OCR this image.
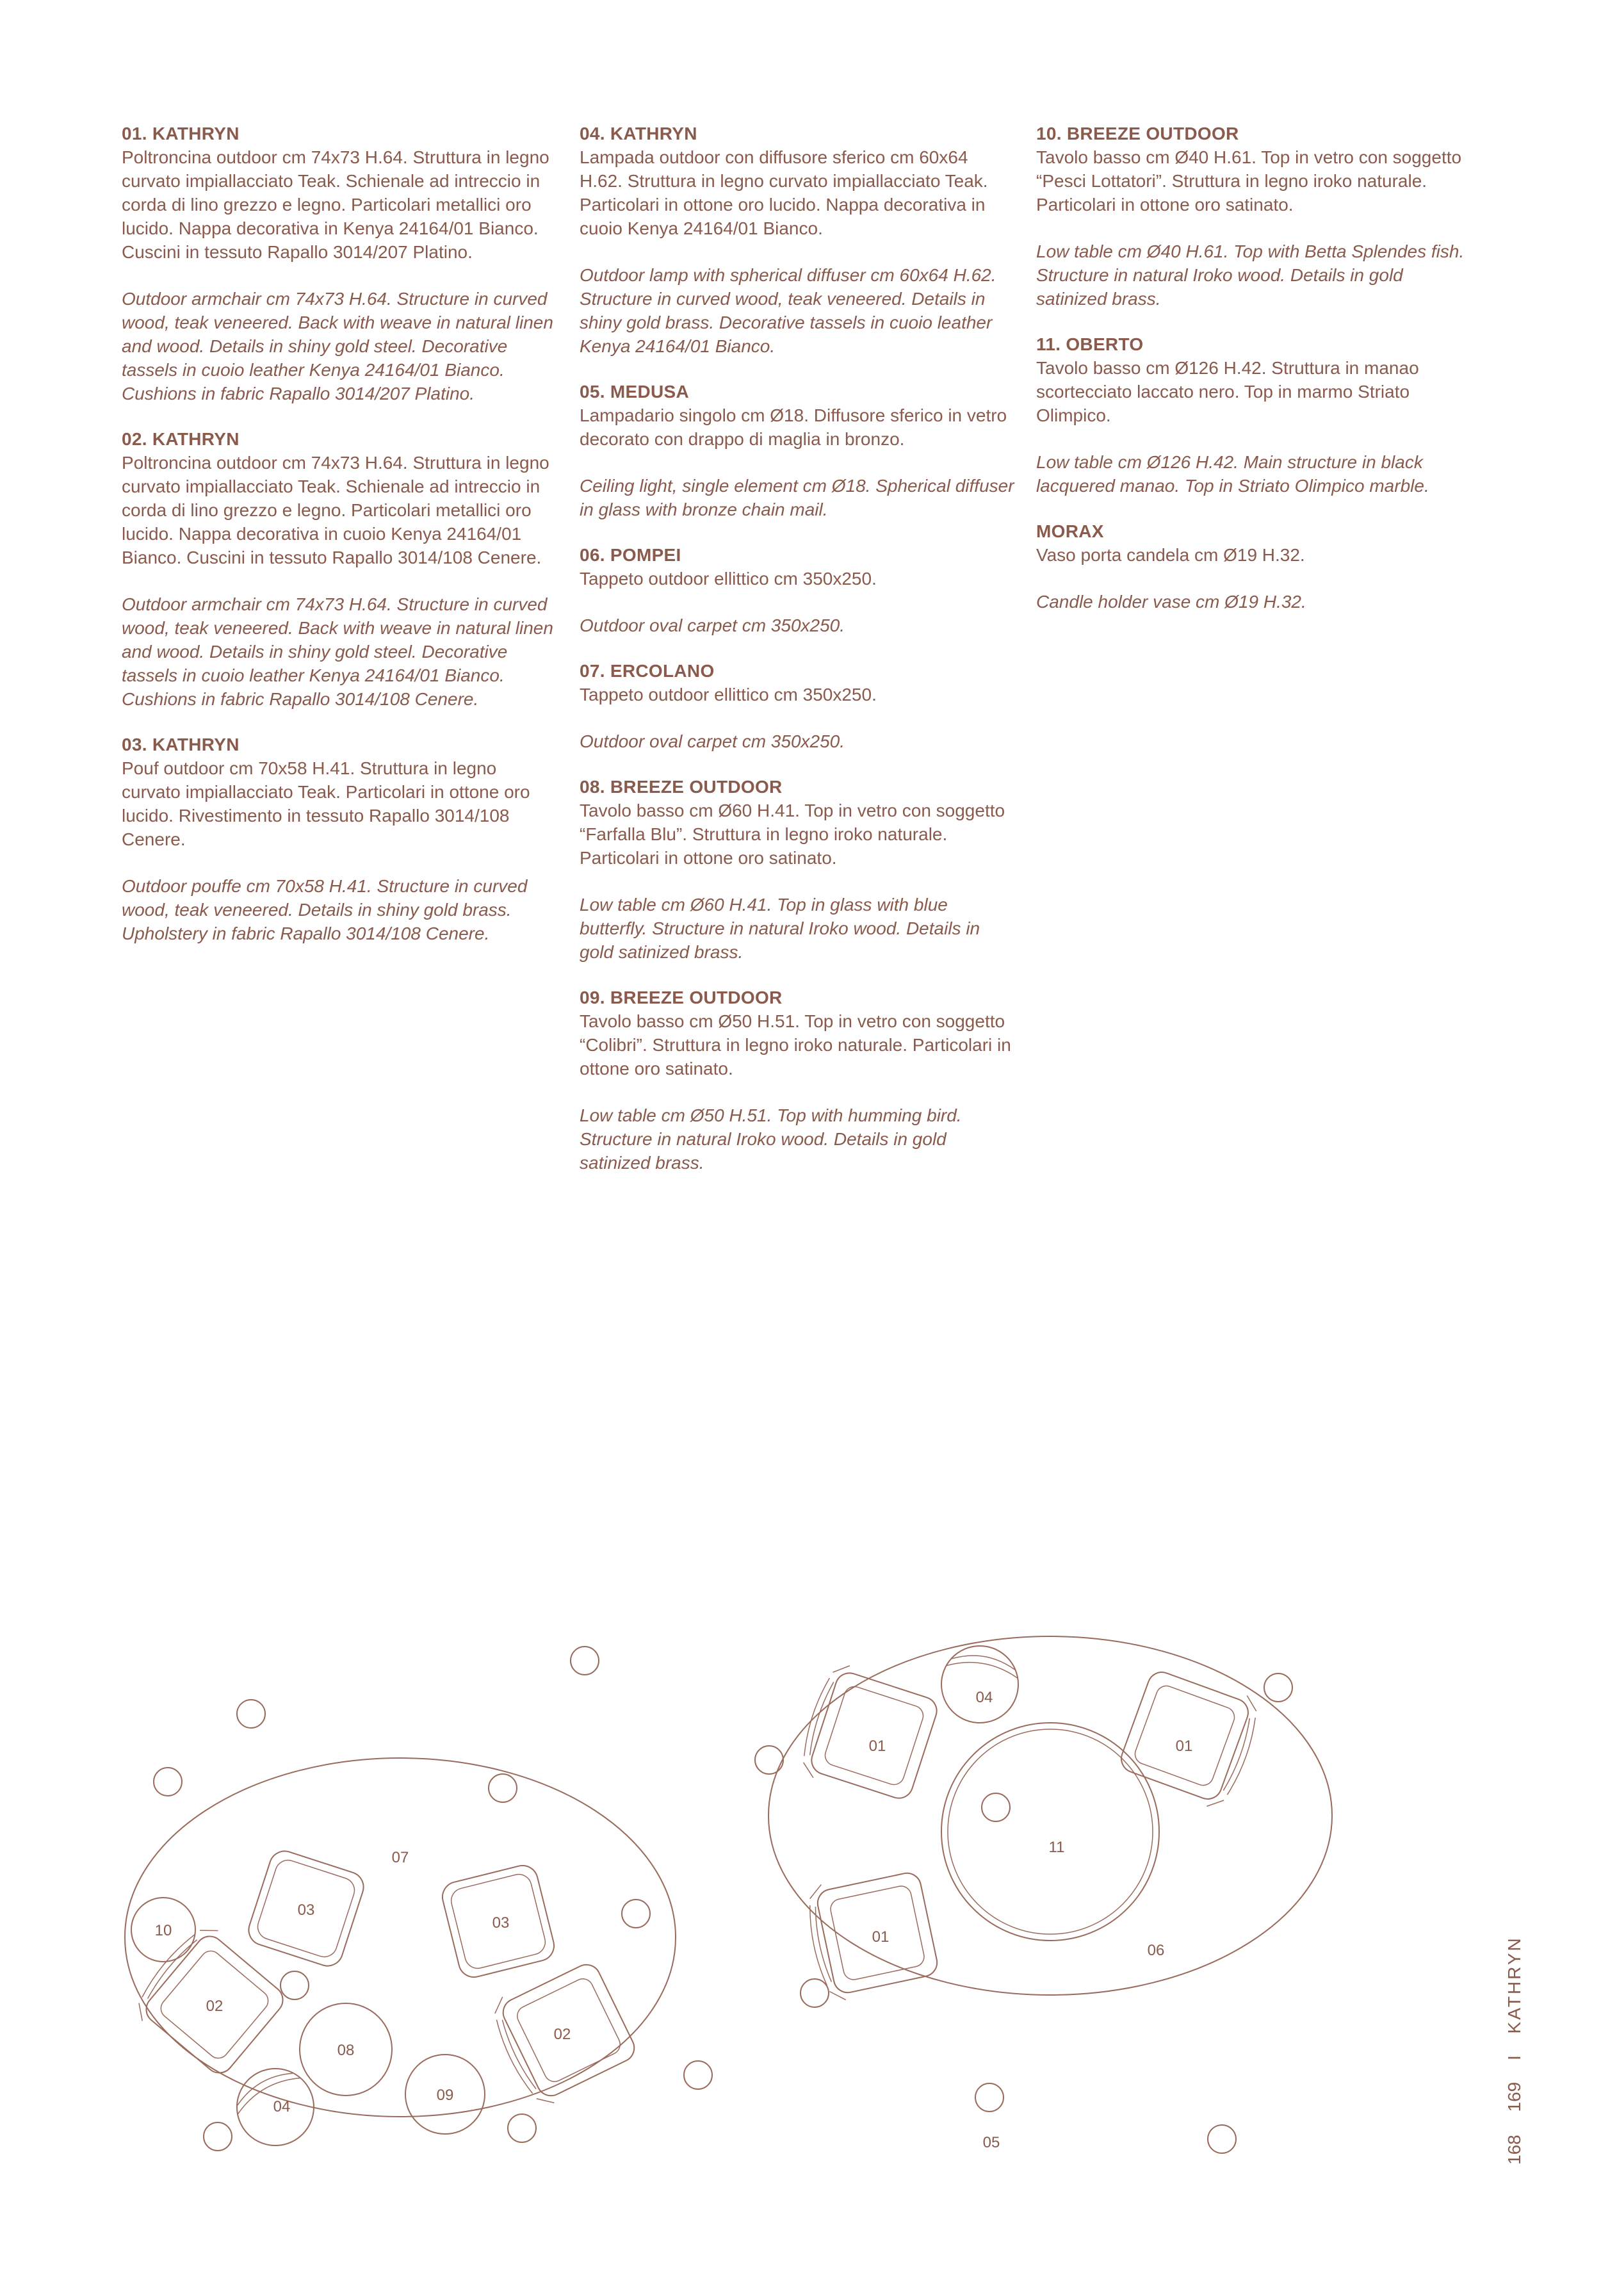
01. KATHRYN

Poltroncina outdoor cm 74x73 H.64. Struttura in legno curvato impiallacciato Teak. Schienale ad intreccio in corda di lino grezzo e legno. Particolari metallici oro lucido. Nappa decorativa in Kenya 24164/01 Bianco. Cuscini in tessuto Rapallo 3014/207 Platino.

Outdoor armchair cm 74x73 H.64. Structure in curved wood, teak veneered. Back with weave in natural linen and wood. Details in shiny gold steel. Decorative tassels in cuoio leather Kenya 24164/01 Bianco. Cushions in fabric Rapallo 3014/207 Platino.

02. KATHRYN

Poltroncina outdoor cm 74x73 H.64. Struttura in legno curvato impiallacciato Teak. Schienale ad intreccio in corda di lino grezzo e legno. Particolari metallici oro lucido. Nappa decorativa in cuoio Kenya 24164/01 Bianco. Cuscini in tessuto Rapallo 3014/108 Cenere.

Outdoor armchair cm 74x73 H.64. Structure in curved wood, teak veneered. Back with weave in natural linen and wood. Details in shiny gold steel. Decorative tassels in cuoio leather Kenya 24164/01 Bianco. Cushions in fabric Rapallo 3014/108 Cenere.

03. KATHRYN

Pouf outdoor cm 70x58 H.41. Struttura in legno curvato impiallacciato Teak. Particolari in ottone oro lucido. Rivestimento in tessuto Rapallo 3014/108 Cenere.

Outdoor pouffe cm 70x58 H.41. Structure in curved wood, teak veneered. Details in shiny gold brass. Upholstery in fabric Rapallo 3014/108 Cenere.

04. KATHRYN

Lampada outdoor con diffusore sferico cm 60x64 H.62. Struttura in legno curvato impiallacciato Teak. Particolari in ottone oro lucido. Nappa decorativa in cuoio Kenya 24164/01 Bianco.

Outdoor lamp with spherical diffuser cm 60x64 H.62. Structure in curved wood, teak veneered. Details in shiny gold brass. Decorative tassels in cuoio leather Kenya 24164/01 Bianco.

05. MEDUSA

Lampadario singolo cm Ø18. Diffusore sferico in vetro decorato con drappo di maglia in bronzo.

Ceiling light, single element cm Ø18. Spherical diffuser in glass with bronze chain mail.

06. POMPEI

Tappeto outdoor ellittico cm 350x250.

Outdoor oval carpet cm 350x250.

07. ERCOLANO

Tappeto outdoor ellittico cm 350x250.

Outdoor oval carpet cm 350x250.

08. BREEZE OUTDOOR

Tavolo basso cm Ø60 H.41. Top in vetro con soggetto “Farfalla Blu”. Struttura in legno iroko naturale. Particolari in ottone oro satinato.

Low table cm Ø60 H.41. Top in glass with blue butterfly. Structure in natural Iroko wood. Details in gold satinized brass.

09. BREEZE OUTDOOR

Tavolo basso cm Ø50 H.51. Top in vetro con soggetto “Colibri”. Struttura in legno iroko naturale. Particolari in ottone oro satinato.

Low table cm Ø50 H.51. Top with humming bird. Structure in natural Iroko wood. Details in gold satinized brass.

10. BREEZE OUTDOOR

Tavolo basso cm Ø40 H.61. Top in vetro con soggetto “Pesci Lottatori”. Struttura in legno iroko naturale. Particolari in ottone oro satinato.

Low table cm Ø40 H.61. Top with Betta Splendes fish. Structure in natural Iroko wood. Details in gold satinized brass.

11. OBERTO

Tavolo basso cm Ø126 H.42. Struttura in manao scortecciato laccato nero. Top in marmo Striato Olimpico.

Low table cm Ø126 H.42. Main structure in black lacquered manao. Top in Striato Olimpico marble.

MORAX

Vaso porta candela cm Ø19 H.32.

Candle holder vase cm Ø19 H.32.

07
03
03
10
02
02
08
09
04
04
01	01
01
11
06
05	168 169 I KATHRYN
